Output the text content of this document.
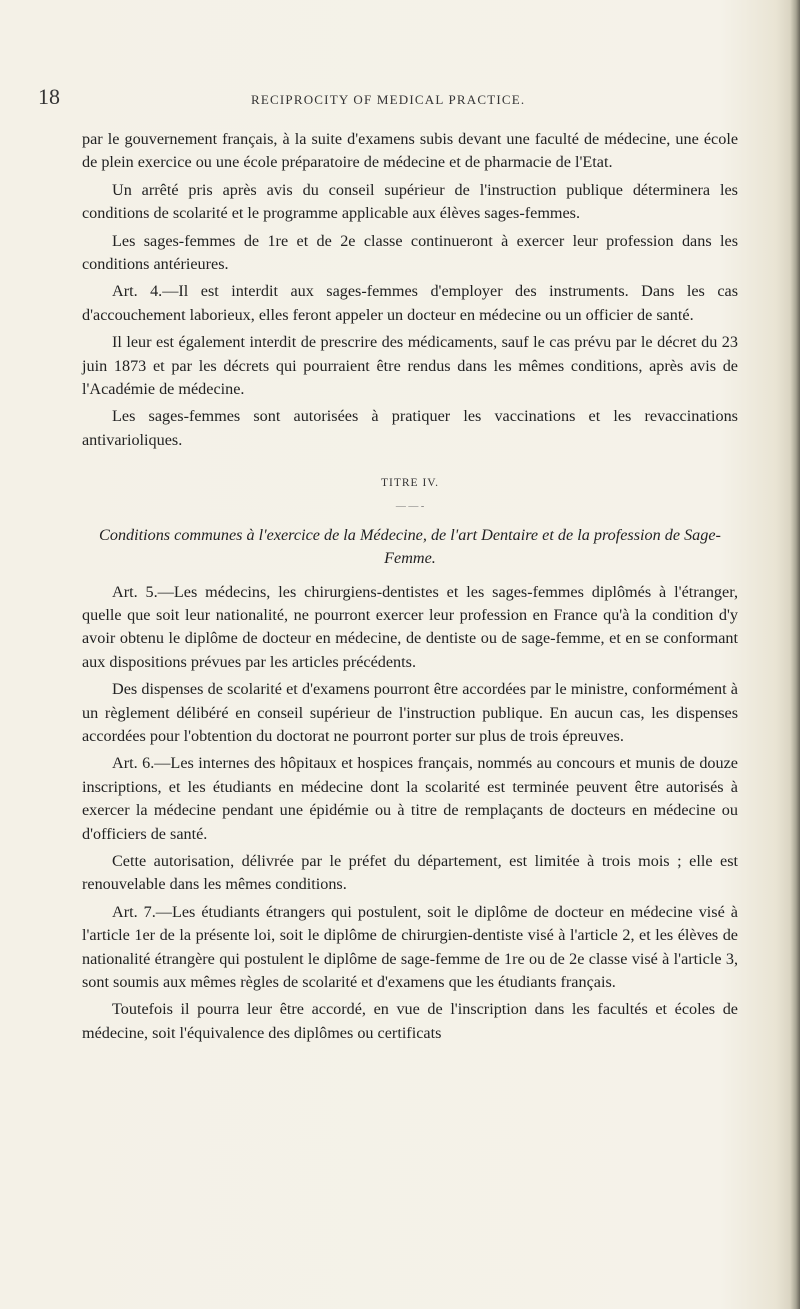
18	RECIPROCITY OF MEDICAL PRACTICE.

par le gouvernement français, à la suite d'examens subis devant une faculté de médecine, une école de plein exercice ou une école préparatoire de médecine et de pharmacie de l'Etat.

Un arrêté pris après avis du conseil supérieur de l'instruction publique déterminera les conditions de scolarité et le programme applicable aux élèves sages-femmes.

Les sages-femmes de 1re et de 2e classe continueront à exercer leur profession dans les conditions antérieures.

Art. 4.—Il est interdit aux sages-femmes d'employer des instruments. Dans les cas d'accouchement laborieux, elles feront appeler un docteur en médecine ou un officier de santé.

Il leur est également interdit de prescrire des médicaments, sauf le cas prévu par le décret du 23 juin 1873 et par les décrets qui pourraient être rendus dans les mêmes conditions, après avis de l'Académie de médecine.

Les sages-femmes sont autorisées à pratiquer les vaccinations et les revaccinations antivarioliques.

TITRE IV.
— — -
Conditions communes à l'exercice de la Médecine, de l'art Dentaire et de la profession de Sage-Femme.

Art. 5.—Les médecins, les chirurgiens-dentistes et les sages-femmes diplômés à l'étranger, quelle que soit leur nationalité, ne pourront exercer leur profession en France qu'à la condition d'y avoir obtenu le diplôme de docteur en médecine, de dentiste ou de sage-femme, et en se conformant aux dispositions prévues par les articles précédents.

Des dispenses de scolarité et d'examens pourront être accordées par le ministre, conformément à un règlement délibéré en conseil supérieur de l'instruction publique. En aucun cas, les dispenses accordées pour l'obtention du doctorat ne pourront porter sur plus de trois épreuves.

Art. 6.—Les internes des hôpitaux et hospices français, nommés au concours et munis de douze inscriptions, et les étudiants en médecine dont la scolarité est terminée peuvent être autorisés à exercer la médecine pendant une épidémie ou à titre de remplaçants de docteurs en médecine ou d'officiers de santé.

Cette autorisation, délivrée par le préfet du département, est limitée à trois mois ; elle est renouvelable dans les mêmes conditions.

Art. 7.—Les étudiants étrangers qui postulent, soit le diplôme de docteur en médecine visé à l'article 1er de la présente loi, soit le diplôme de chirurgien-dentiste visé à l'article 2, et les élèves de nationalité étrangère qui postulent le diplôme de sage-femme de 1re ou de 2e classe visé à l'article 3, sont soumis aux mêmes règles de scolarité et d'examens que les étudiants français.

Toutefois il pourra leur être accordé, en vue de l'inscription dans les facultés et écoles de médecine, soit l'équivalence des diplômes ou certificats
